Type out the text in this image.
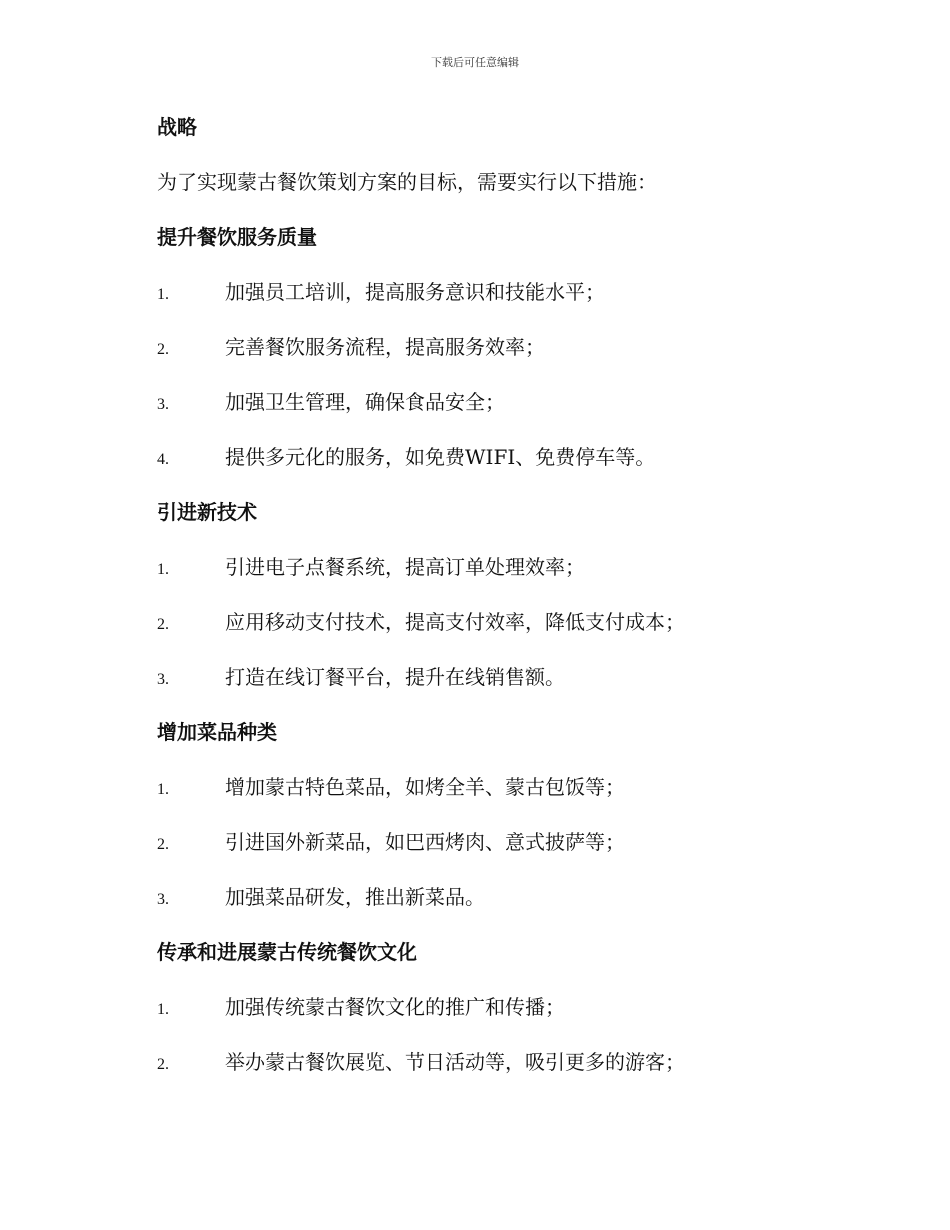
下载后可任意编辑
战略
为了实现蒙古餐饮策划方案的目标，需要实行以下措施：
提升餐饮服务质量
1.	加强员工培训，提高服务意识和技能水平；
2.	完善餐饮服务流程，提高服务效率；
3.	加强卫生管理，确保食品安全；
4.	提供多元化的服务，如免费WIFI、免费停车等。
引进新技术
1.	引进电子点餐系统，提高订单处理效率；
2.	应用移动支付技术，提高支付效率，降低支付成本；
3.	打造在线订餐平台，提升在线销售额。
增加菜品种类
1.	增加蒙古特色菜品，如烤全羊、蒙古包饭等；
2.	引进国外新菜品，如巴西烤肉、意式披萨等；
3.	加强菜品研发，推出新菜品。
传承和进展蒙古传统餐饮文化
1.	加强传统蒙古餐饮文化的推广和传播；
2.	举办蒙古餐饮展览、节日活动等，吸引更多的游客；
